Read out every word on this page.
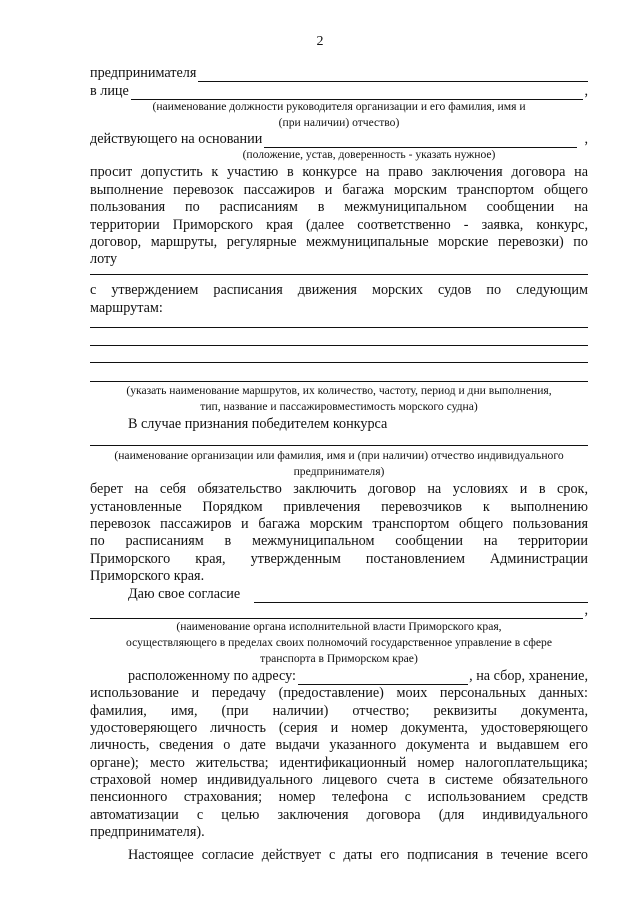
2
предпринимателя
в лице	,
(наименование должности руководителя организации и его фамилия, имя и
(при наличии) отчество)
действующего на основании	,
(положение, устав, доверенность - указать нужное)
просит допустить к участию в конкурсе на право заключения договора на
выполнение перевозок пассажиров и багажа морским транспортом общего
пользования по расписаниям в межмуниципальном сообщении на
территории Приморского края (далее соответственно - заявка, конкурс,
договор, маршруты, регулярные межмуниципальные морские перевозки) по
лоту
с утверждением расписания движения морских судов по следующим
маршрутам:
(указать наименование маршрутов, их количество, частоту, период и дни выполнения,
тип, название и пассажировместимость морского судна)
В случае признания победителем конкурса
(наименование организации или фамилия, имя и (при наличии) отчество индивидуального
предпринимателя)
берет на себя обязательство заключить договор на условиях и в срок,
установленные Порядком привлечения перевозчиков к выполнению
перевозок пассажиров и багажа морским транспортом общего пользования
по расписаниям в межмуниципальном сообщении на территории
Приморского края, утвержденным постановлением Администрации
Приморского края.
Даю свое согласие
,
(наименование органа исполнительной власти Приморского края,
осуществляющего в пределах своих полномочий государственное управление в сфере
транспорта в Приморском крае)
расположенному по адресу:	, на сбор, хранение,
использование и передачу (предоставление) моих персональных данных:
фамилия, имя, (при наличии) отчество; реквизиты документа,
удостоверяющего личность (серия и номер документа, удостоверяющего
личность, сведения о дате выдачи указанного документа и выдавшем его
органе); место жительства; идентификационный номер налогоплательщика;
страховой номер индивидуального лицевого счета в системе обязательного
пенсионного страхования; номер телефона с использованием средств
автоматизации с целью заключения договора (для индивидуального
предпринимателя).
Настоящее согласие действует с даты его подписания в течение всего
